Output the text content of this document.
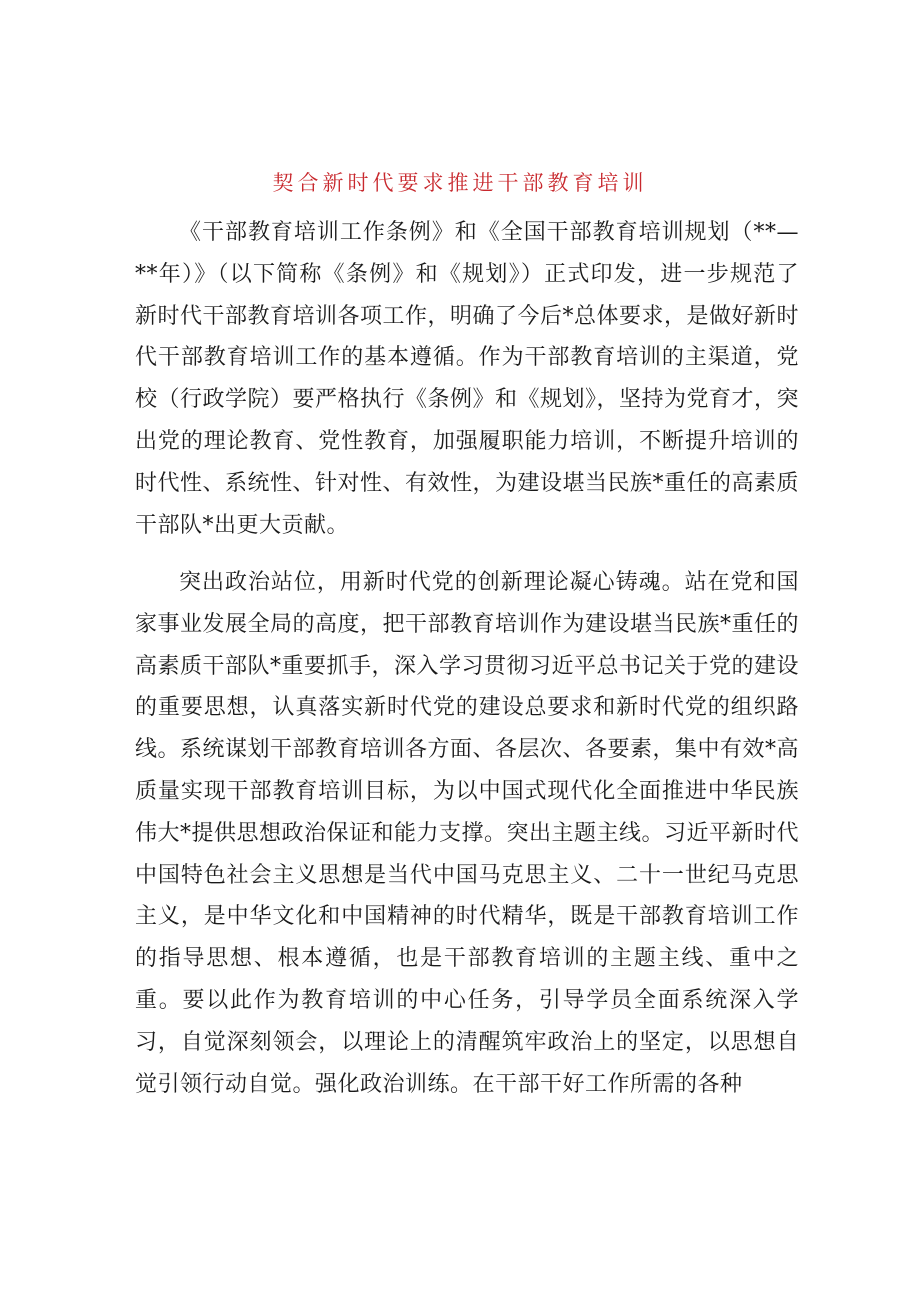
契合新时代要求推进干部教育培训

《干部教育培训工作条例》和《全国干部教育培训规划（**—**年）》（以下简称《条例》和《规划》）正式印发，进一步规范了新时代干部教育培训各项工作，明确了今后*总体要求，是做好新时代干部教育培训工作的基本遵循。作为干部教育培训的主渠道，党校（行政学院）要严格执行《条例》和《规划》，坚持为党育才，突出党的理论教育、党性教育，加强履职能力培训，不断提升培训的时代性、系统性、针对性、有效性，为建设堪当民族*重任的高素质干部队*出更大贡献。

突出政治站位，用新时代党的创新理论凝心铸魂。站在党和国家事业发展全局的高度，把干部教育培训作为建设堪当民族*重任的高素质干部队*重要抓手，深入学习贯彻习近平总书记关于党的建设的重要思想，认真落实新时代党的建设总要求和新时代党的组织路线。系统谋划干部教育培训各方面、各层次、各要素，集中有效*高质量实现干部教育培训目标，为以中国式现代化全面推进中华民族伟大*提供思想政治保证和能力支撑。突出主题主线。习近平新时代中国特色社会主义思想是当代中国马克思主义、二十一世纪马克思主义，是中华文化和中国精神的时代精华，既是干部教育培训工作的指导思想、根本遵循，也是干部教育培训的主题主线、重中之重。要以此作为教育培训的中心任务，引导学员全面系统深入学习，自觉深刻领会，以理论上的清醒筑牢政治上的坚定，以思想自觉引领行动自觉。强化政治训练。在干部干好工作所需的各种
